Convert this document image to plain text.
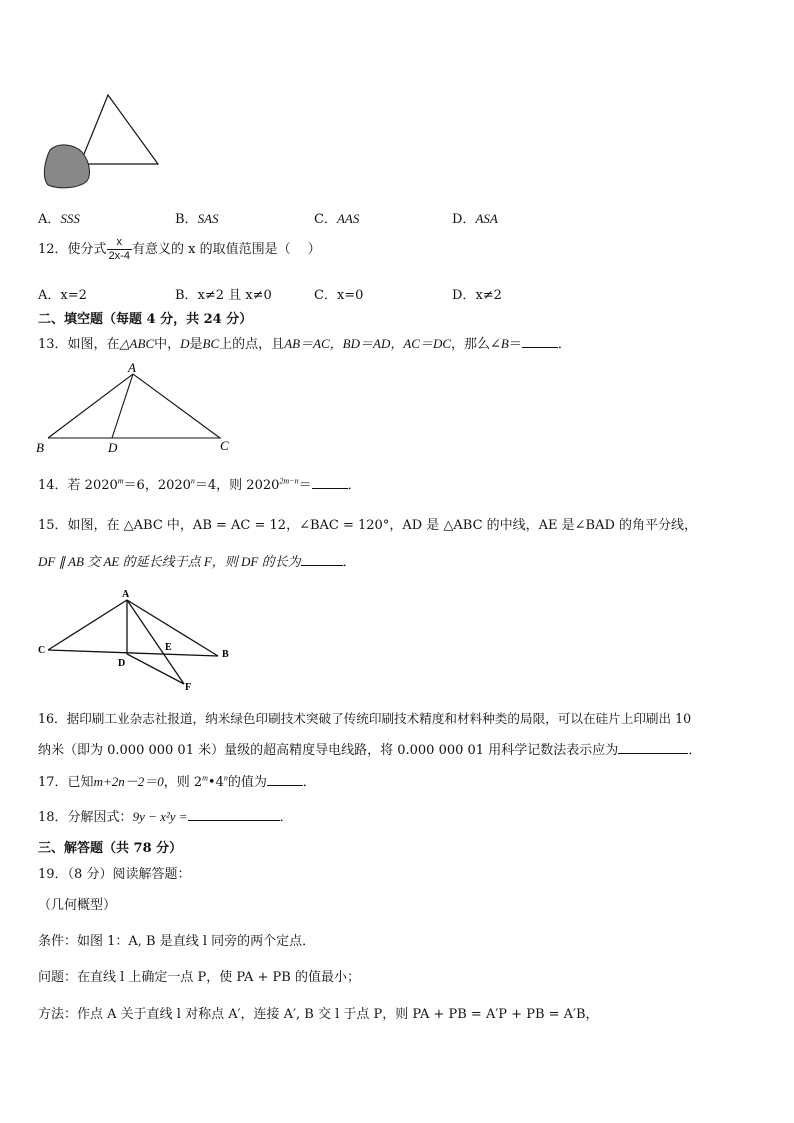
A．SSS	B．SAS	C．AAS	D．ASA
12．使分式 $\frac{x}{2x-4}$ 有意义的 x 的取值范围是（　 ）
A．x=2	B．x≠2 且 x≠0	C．x=0	D．x≠2
二、填空题（每题 4 分，共 24 分）
13．如图，在△ABC中，D是BC上的点，且AB＝AC，BD＝AD，AC＝DC，那么∠B＝	．
A
B	C
D
14．若 $2020^m=6$，$2020^n=4$，则 $2020^{2m-n}=$	．
15．如图，在 △ABC 中，AB = AC = 12，∠BAC = 120°，AD 是 △ABC 的中线，AE 是∠BAD 的角平分线，
DF ∥ AB 交 AE 的延长线于点 F，则 DF 的长为	．
A
C	B
D
E
F
16．据印刷工业杂志社报道，纳米绿色印刷技术突破了传统印刷技术精度和材料种类的局限，可以在硅片上印刷出 10
纳米（即为 0.000 000 01 米）量级的超高精度导电线路，将 0.000 000 01 用科学记数法表示应为	．
17．已知m+2n－2＝0，则 2$^m$•4$^n$的值为	．
18．分解因式：9y − x²y =	．
三、解答题（共 78 分）
19．（8 分）阅读解答题：
（几何概型）
条件：如图 1：A, B 是直线 l 同旁的两个定点．
问题：在直线 l 上确定一点 P，使 PA + PB 的值最小；
方法：作点 A 关于直线 l 对称点 A′，连接 A′, B 交 l 于点 P，则 PA + PB = A′P + PB = A′B，
